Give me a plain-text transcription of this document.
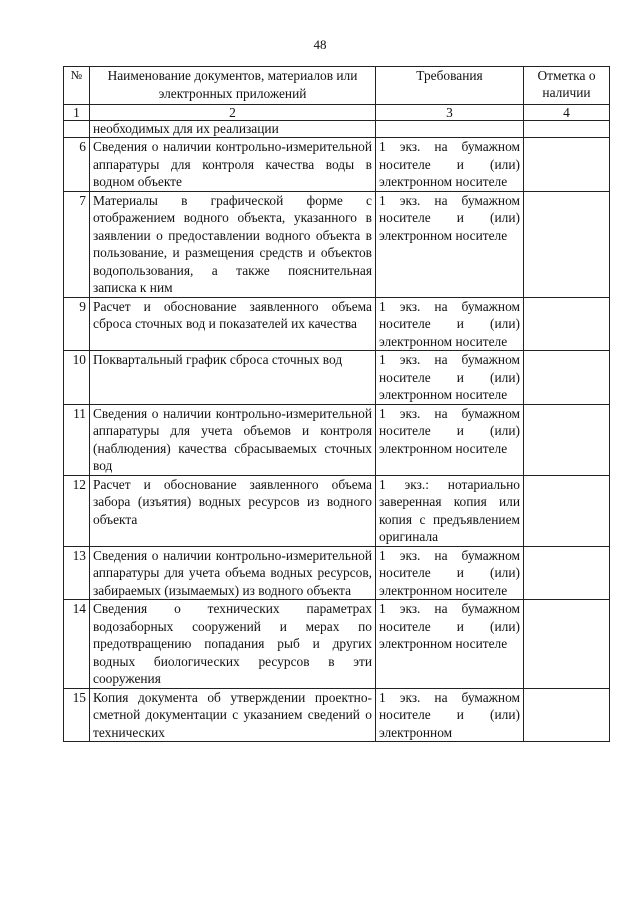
48
№	Наименование документов, материалов или электронных приложений	Требования	Отметка о наличии
1	2	3	4
	необходимых для их реализации		
6	Сведения о наличии контрольно-измерительной аппаратуры для контроля качества воды в водном объекте	1 экз. на бумажном носителе и (или) электронном носителе	
7	Материалы в графической форме с отображением водного объекта, указанного в заявлении о предоставлении водного объекта в пользование, и размещения средств и объектов водопользования, а также пояснительная записка к ним	1 экз. на бумажном носителе и (или) электронном носителе	
9	Расчет и обоснование заявленного объема сброса сточных вод и показателей их качества	1 экз. на бумажном носителе и (или) электронном носителе	
10	Поквартальный график сброса сточных вод	1 экз. на бумажном носителе и (или) электронном носителе	
11	Сведения о наличии контрольно-измерительной аппаратуры для учета объемов и контроля (наблюдения) качества сбрасываемых сточных вод	1 экз. на бумажном носителе и (или) электронном носителе	
12	Расчет и обоснование заявленного объема забора (изъятия) водных ресурсов из водного объекта	1 экз.: нотариально заверенная копия или копия с предъявлением оригинала	
13	Сведения о наличии контрольно-измерительной аппаратуры для учета объема водных ресурсов, забираемых (изымаемых) из водного объекта	1 экз. на бумажном носителе и (или) электронном носителе	
14	Сведения о технических параметрах водозаборных сооружений и мерах по предотвращению попадания рыб и других водных биологических ресурсов в эти сооружения	1 экз. на бумажном носителе и (или) электронном носителе	
15	Копия документа об утверждении проектно-сметной документации с указанием сведений о технических	1 экз. на бумажном носителе и (или) электронном	
